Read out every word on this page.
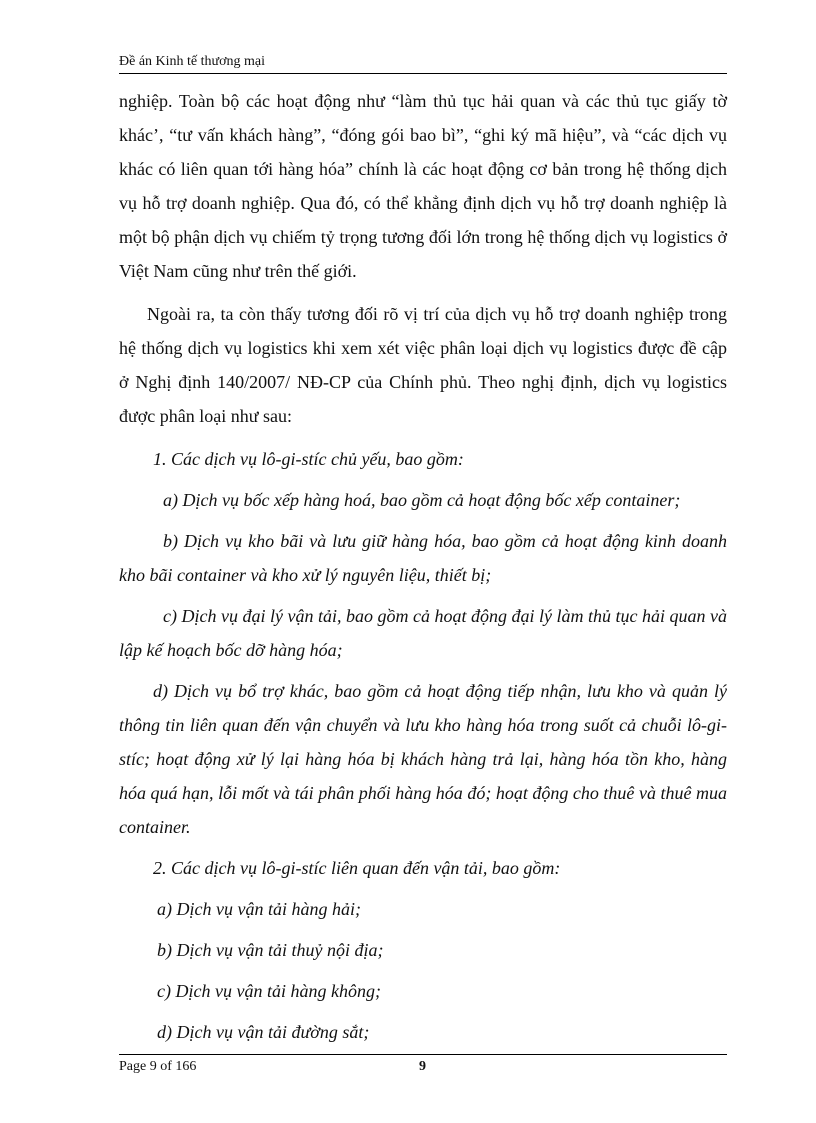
Đề án Kinh tế thương mại

nghiệp. Toàn bộ các hoạt động như “làm thủ tục hải quan và các thủ tục giấy tờ khác’, “tư vấn khách hàng”, “đóng gói bao bì”, “ghi ký mã hiệu”, và “các dịch vụ khác có liên quan tới hàng hóa” chính là các hoạt động cơ bản trong hệ thống dịch vụ hỗ trợ doanh nghiệp. Qua đó, có thể khẳng định dịch vụ hỗ trợ doanh nghiệp là một bộ phận dịch vụ chiếm tỷ trọng tương đối lớn trong hệ thống dịch vụ logistics ở Việt Nam cũng như trên thế giới.

Ngoài ra, ta còn thấy tương đối rõ vị trí của dịch vụ hỗ trợ doanh nghiệp trong hệ thống dịch vụ logistics khi xem xét việc phân loại dịch vụ logistics được đề cập ở Nghị định 140/2007/ NĐ-CP của Chính phủ. Theo nghị định, dịch vụ logistics được phân loại như sau:

1. Các dịch vụ lô-gi-stíc chủ yếu, bao gồm:

a) Dịch vụ bốc xếp hàng hoá, bao gồm cả hoạt động bốc xếp container;

b) Dịch vụ kho bãi và lưu giữ hàng hóa, bao gồm cả hoạt động kinh doanh kho bãi container và kho xử lý nguyên liệu, thiết bị;

c) Dịch vụ đại lý vận tải, bao gồm cả hoạt động đại lý làm thủ tục hải quan và lập kế hoạch bốc dỡ hàng hóa;

d) Dịch vụ bổ trợ khác, bao gồm cả hoạt động tiếp nhận, lưu kho và quản lý thông tin liên quan đến vận chuyển và lưu kho hàng hóa trong suốt cả chuỗi lô-gi-stíc; hoạt động xử lý lại hàng hóa bị khách hàng trả lại, hàng hóa tồn kho, hàng hóa quá hạn, lỗi mốt và tái phân phối hàng hóa đó; hoạt động cho thuê và thuê mua container.

2. Các dịch vụ lô-gi-stíc liên quan đến vận tải, bao gồm:

a) Dịch vụ vận tải hàng hải;

b) Dịch vụ vận tải thuỷ nội địa;

c) Dịch vụ vận tải hàng không;

d) Dịch vụ vận tải đường sắt;

Page 9 of 166	9
